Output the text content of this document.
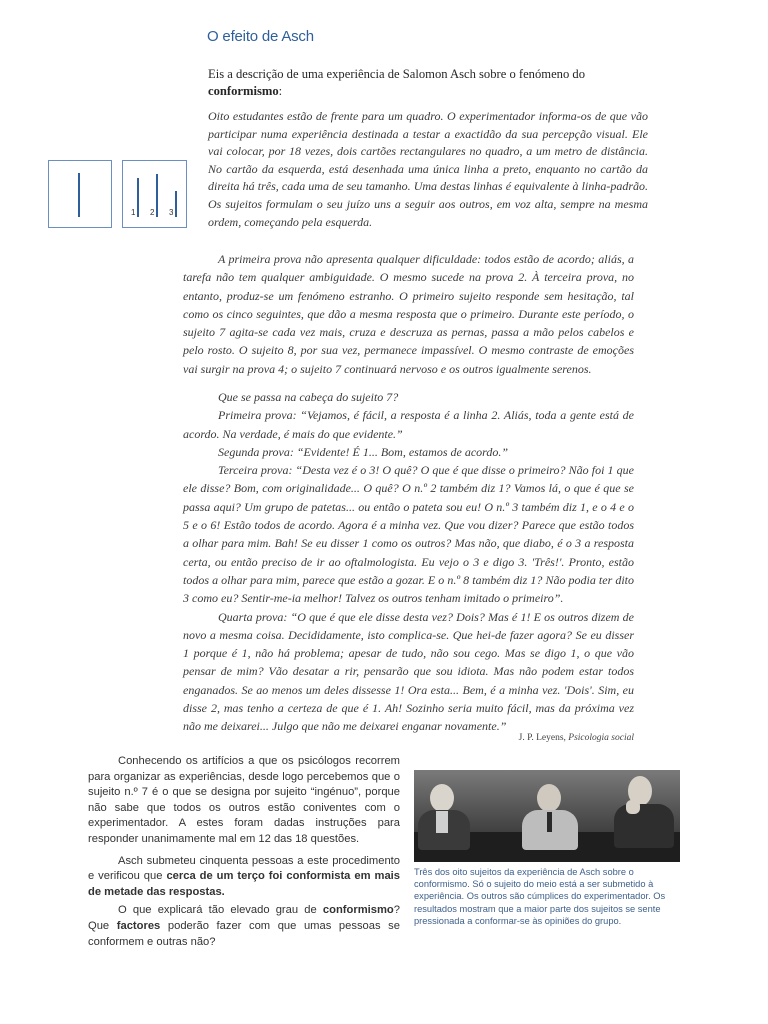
O efeito de Asch
Eis a descrição de uma experiência de Salomon Asch sobre o fenómeno do conformismo:
Oito estudantes estão de frente para um quadro. O experimentador informa-os de que vão participar numa experiência destinada a testar a exactidão da sua percepção visual. Ele vai colocar, por 18 vezes, dois cartões rectangulares no quadro, a um metro de distância. No cartão da esquerda, está desenhada uma única linha a preto, enquanto no cartão da direita há três, cada uma de seu tamanho. Uma destas linhas é equivalente à linha-padrão. Os sujeitos formulam o seu juízo uns a seguir aos outros, em voz alta, sempre na mesma ordem, começando pela esquerda.
1 2 3

A primeira prova não apresenta qualquer dificuldade: todos estão de acordo; aliás, a tarefa não tem qualquer ambiguidade. O mesmo sucede na prova 2. À terceira prova, no entanto, produz-se um fenómeno estranho. O primeiro sujeito responde sem hesitação, tal como os cinco seguintes, que dão a mesma resposta que o primeiro. Durante este período, o sujeito 7 agita-se cada vez mais, cruza e descruza as pernas, passa a mão pelos cabelos e pelo rosto. O sujeito 8, por sua vez, permanece impassível. O mesmo contraste de emoções vai surgir na prova 4; o sujeito 7 continuará nervoso e os outros igualmente serenos.

Que se passa na cabeça do sujeito 7?

Primeira prova: “Vejamos, é fácil, a resposta é a linha 2. Aliás, toda a gente está de acordo. Na verdade, é mais do que evidente.”

Segunda prova: “Evidente! É 1... Bom, estamos de acordo.”

Terceira prova: “Desta vez é o 3! O quê? O que é que disse o primeiro? Não foi 1 que ele disse? Bom, com originalidade... O quê? O n.º 2 também diz 1? Vamos lá, o que é que se passa aqui? Um grupo de patetas... ou então o pateta sou eu! O n.º 3 também diz 1, e o 4 e o 5 e o 6! Estão todos de acordo. Agora é a minha vez. Que vou dizer? Parece que estão todos a olhar para mim. Bah! Se eu disser 1 como os outros? Mas não, que diabo, é o 3 a resposta certa, ou então preciso de ir ao oftalmologista. Eu vejo o 3 e digo 3. 'Três!'. Pronto, estão todos a olhar para mim, parece que estão a gozar. E o n.º 8 também diz 1? Não podia ter dito 3 como eu? Sentir-me-ia melhor! Talvez os outros tenham imitado o primeiro”.

Quarta prova: “O que é que ele disse desta vez? Dois? Mas é 1! E os outros dizem de novo a mesma coisa. Decididamente, isto complica-se. Que hei-de fazer agora? Se eu disser 1 porque é 1, não há problema; apesar de tudo, não sou cego. Mas se digo 1, o que vão pensar de mim? Vão desatar a rir, pensarão que sou idiota. Mas não podem estar todos enganados. Se ao menos um deles dissesse 1! Ora esta... Bem, é a minha vez. 'Dois'. Sim, eu disse 2, mas tenho a certeza de que é 1. Ah! Sozinho seria muito fácil, mas da próxima vez não me deixarei... Julgo que não me deixarei enganar novamente.”

J. P. Leyens, Psicologia social

Conhecendo os artifícios a que os psicólogos recorrem para organizar as experiências, desde logo percebemos que o sujeito n.º 7 é o que se designa por sujeito “ingénuo”, porque não sabe que todos os outros estão coniventes com o experimentador. A estes foram dadas instruções para responder unanimamente mal em 12 das 18 questões.

Asch submeteu cinquenta pessoas a este procedimento e verificou que cerca de um terço foi conformista em mais de metade das respostas.

O que explicará tão elevado grau de conformismo? Que factores poderão fazer com que umas pessoas se conformem e outras não?

Três dos oito sujeitos da experiência de Asch sobre o conformismo. Só o sujeito do meio está a ser submetido à experiência. Os outros são cúmplices do experimentador. Os resultados mostram que a maior parte dos sujeitos se sente pressionada a conformar-se às opiniões do grupo.
